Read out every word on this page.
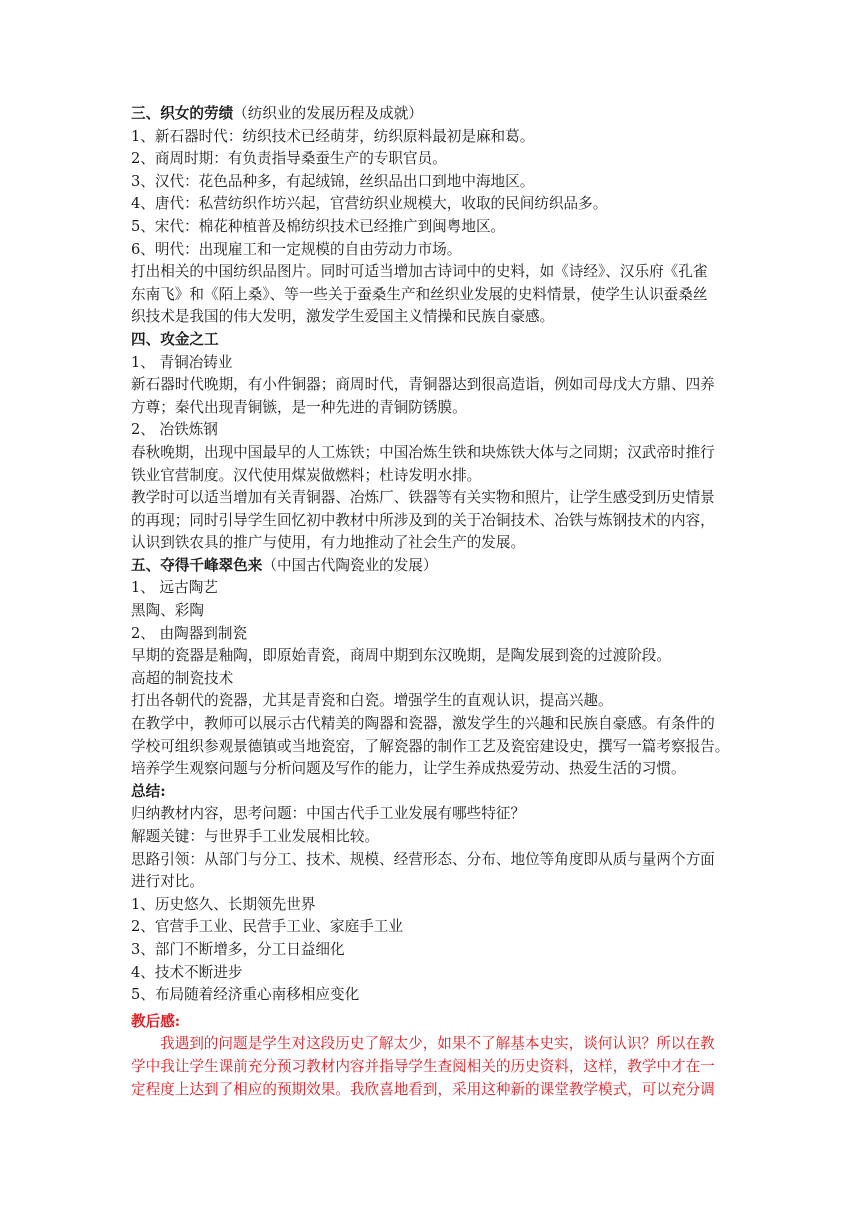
三、织女的劳绩（纺织业的发展历程及成就）
1、新石器时代：纺织技术已经萌芽，纺织原料最初是麻和葛。
2、商周时期：有负责指导桑蚕生产的专职官员。
3、汉代：花色品种多，有起绒锦，丝织品出口到地中海地区。
4、唐代：私营纺织作坊兴起，官营纺织业规模大，收取的民间纺织品多。
5、宋代：棉花种植普及棉纺织技术已经推广到闽粤地区。
6、明代：出现雇工和一定规模的自由劳动力市场。
打出相关的中国纺织品图片。同时可适当增加古诗词中的史料，如《诗经》、汉乐府《孔雀
东南飞》和《陌上桑》、等一些关于蚕桑生产和丝织业发展的史料情景，使学生认识蚕桑丝
织技术是我国的伟大发明，激发学生爱国主义情操和民族自豪感。
四、攻金之工
1、 青铜冶铸业
新石器时代晚期，有小件铜器；商周时代，青铜器达到很高造诣，例如司母戊大方鼎、四养
方尊；秦代出现青铜镞，是一种先进的青铜防锈膜。
2、 冶铁炼钢
春秋晚期，出现中国最早的人工炼铁；中国冶炼生铁和块炼铁大体与之同期；汉武帝时推行
铁业官营制度。汉代使用煤炭做燃料；杜诗发明水排。
教学时可以适当增加有关青铜器、冶炼厂、铁器等有关实物和照片，让学生感受到历史情景
的再现；同时引导学生回忆初中教材中所涉及到的关于冶铜技术、冶铁与炼钢技术的内容，
认识到铁农具的推广与使用，有力地推动了社会生产的发展。
五、夺得千峰翠色来（中国古代陶瓷业的发展）
1、 远古陶艺
黑陶、彩陶
2、 由陶器到制瓷
早期的瓷器是釉陶，即原始青瓷，商周中期到东汉晚期，是陶发展到瓷的过渡阶段。
高超的制瓷技术
打出各朝代的瓷器，尤其是青瓷和白瓷。增强学生的直观认识，提高兴趣。
在教学中，教师可以展示古代精美的陶器和瓷器，激发学生的兴趣和民族自豪感。有条件的
学校可组织参观景德镇或当地瓷窑，了解瓷器的制作工艺及瓷窑建设史，撰写一篇考察报告。
培养学生观察问题与分析问题及写作的能力，让学生养成热爱劳动、热爱生活的习惯。
总结:
归纳教材内容，思考问题：中国古代手工业发展有哪些特征？
解题关键：与世界手工业发展相比较。
思路引领：从部门与分工、技术、规模、经营形态、分布、地位等角度即从质与量两个方面
进行对比。
1、历史悠久、长期领先世界
2、官营手工业、民营手工业、家庭手工业
3、部门不断增多，分工日益细化
4、技术不断进步
5、布局随着经济重心南移相应变化
教后感:
我遇到的问题是学生对这段历史了解太少，如果不了解基本史实，谈何认识？所以在教
学中我让学生课前充分预习教材内容并指导学生查阅相关的历史资料，这样，教学中才在一
定程度上达到了相应的预期效果。我欣喜地看到，采用这种新的课堂教学模式，可以充分调
